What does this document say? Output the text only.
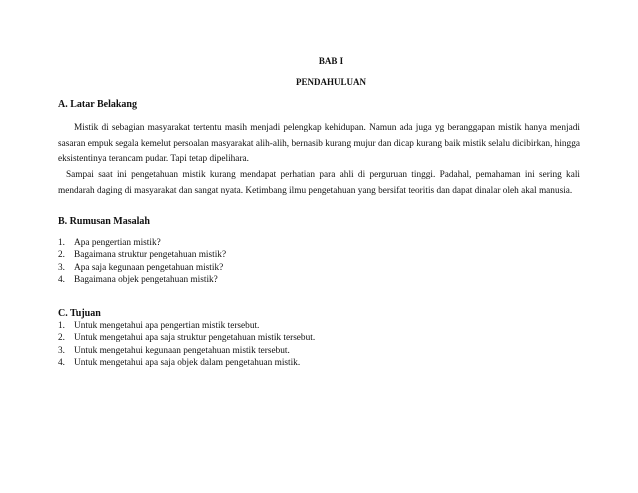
BAB I
PENDAHULUAN
A. Latar Belakang
Mistik di sebagian masyarakat tertentu masih menjadi pelengkap kehidupan. Namun ada juga yg beranggapan mistik hanya menjadi sasaran empuk segala kemelut persoalan masyarakat alih-alih, bernasib kurang mujur dan dicap kurang baik mistik selalu dicibirkan, hingga eksistentinya terancam pudar. Tapi tetap dipelihara.
Sampai saat ini pengetahuan mistik kurang mendapat perhatian para ahli di perguruan tinggi. Padahal, pemahaman ini sering kali mendarah daging di masyarakat dan sangat nyata. Ketimbang ilmu pengetahuan yang bersifat teoritis dan dapat dinalar oleh akal manusia.
B. Rumusan Masalah
1. Apa pengertian mistik?
2. Bagaimana struktur pengetahuan mistik?
3. Apa saja kegunaan pengetahuan mistik?
4. Bagaimana objek pengetahuan mistik?
C. Tujuan
1. Untuk mengetahui apa pengertian mistik tersebut.
2. Untuk mengetahui apa saja struktur pengetahuan mistik tersebut.
3. Untuk mengetahui kegunaan pengetahuan mistik tersebut.
4. Untuk mengetahui apa saja objek dalam pengetahuan mistik.
